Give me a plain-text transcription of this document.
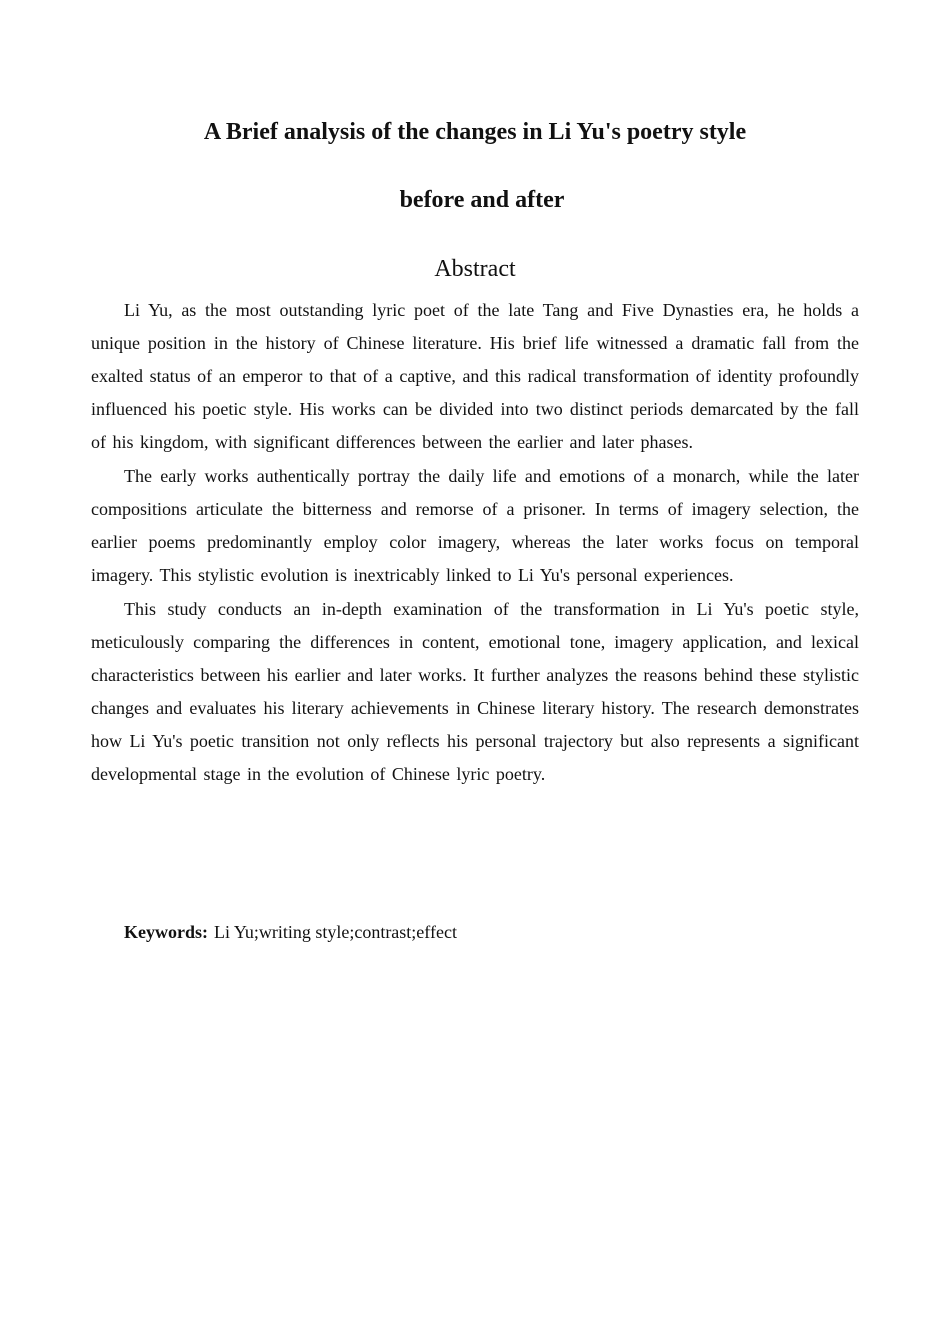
A Brief analysis of the changes in Li Yu's poetry style
before and after
Abstract

Li Yu, as the most outstanding lyric poet of the late Tang and Five Dynasties era, he holds a unique position in the history of Chinese literature. His brief life witnessed a dramatic fall from the exalted status of an emperor to that of a captive, and this radical transformation of identity profoundly influenced his poetic style. His works can be divided into two distinct periods demarcated by the fall of his kingdom, with significant differences between the earlier and later phases.

The early works authentically portray the daily life and emotions of a monarch, while the later compositions articulate the bitterness and remorse of a prisoner. In terms of imagery selection, the earlier poems predominantly employ color imagery, whereas the later works focus on temporal imagery. This stylistic evolution is inextricably linked to Li Yu's personal experiences.

This study conducts an in-depth examination of the transformation in Li Yu's poetic style, meticulously comparing the differences in content, emotional tone, imagery application, and lexical characteristics between his earlier and later works. It further analyzes the reasons behind these stylistic changes and evaluates his literary achievements in Chinese literary history. The research demonstrates how Li Yu's poetic transition not only reflects his personal trajectory but also represents a significant developmental stage in the evolution of Chinese lyric poetry.

Keywords: Li Yu;writing style;contrast;effect
